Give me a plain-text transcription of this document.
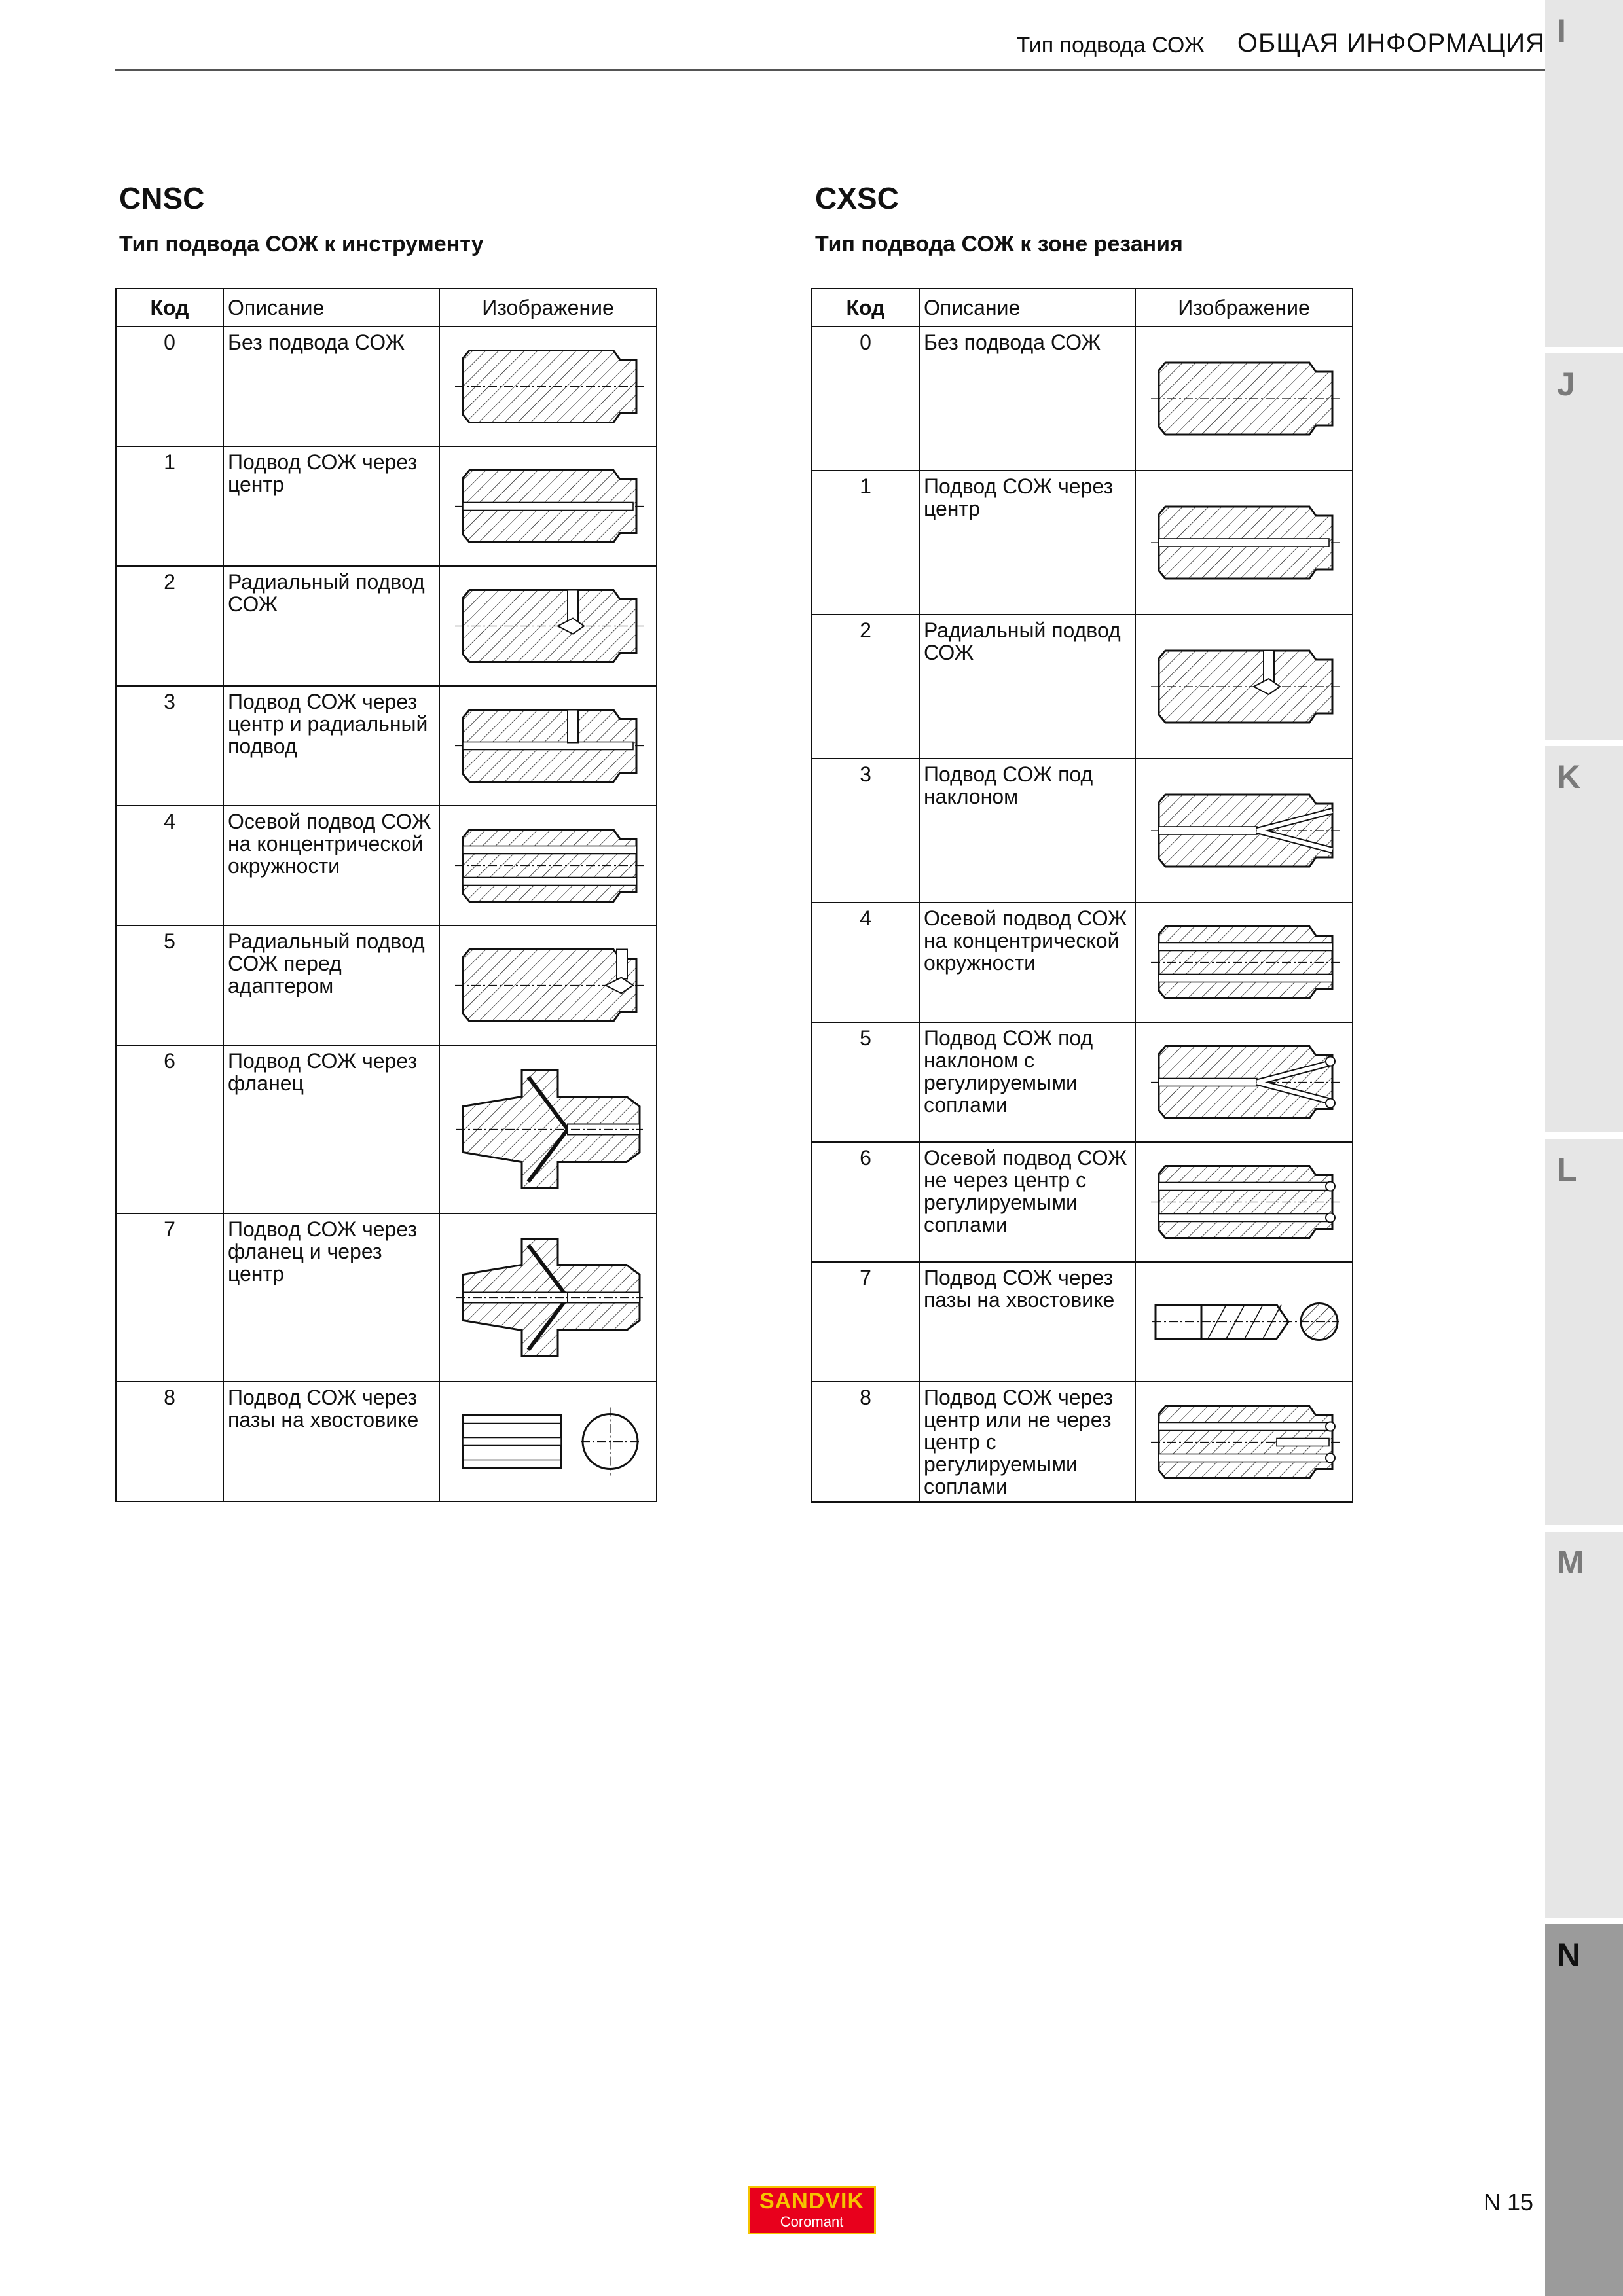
Тип подвода СОЖ ОБЩАЯ ИНФОРМАЦИЯ I
J
K
L
M
N
CNSC
Тип подвода СОЖ к инструменту
Код	Описание	Изображение
0	Без подвода СОЖ	

1	Подвод СОЖ через центр	

2	Радиальный подвод СОЖ	

3	Подвод СОЖ через центр и радиальный подвод	

4	Осевой подвод СОЖ на концентрической окружности	

5	Радиальный подвод СОЖ перед адаптером	

6	Подвод СОЖ через фланец	

7	Подвод СОЖ через фланец и через центр	

8	Подвод СОЖ через пазы на хвостовике	
CXSC
Тип подвода СОЖ к зоне резания
Код	Описание	Изображение
0	Без подвода СОЖ	

1	Подвод СОЖ через центр	

2	Радиальный подвод СОЖ	

3	Подвод СОЖ под наклоном	

4	Осевой подвод СОЖ на концентрической окружности	

5	Подвод СОЖ под наклоном с регулируемыми соплами	

6	Осевой подвод СОЖ не через центр с регулируемыми соплами	

7	Подвод СОЖ через пазы на хвостовике	

8	Подвод СОЖ через центр или не через центр с регулируемыми соплами	
SANDVIK
Coromant
N 15
